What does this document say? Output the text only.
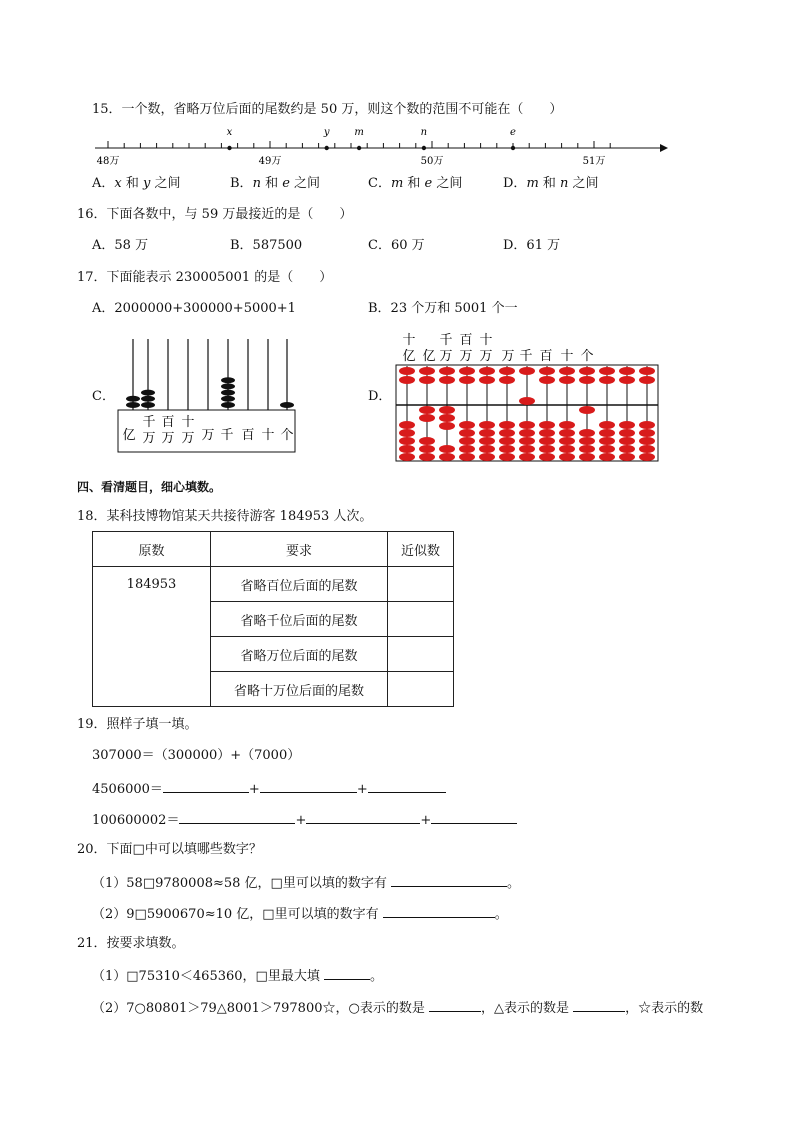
15．一个数，省略万位后面的尾数约是 50 万，则这个数的范围不可能在（　　）
x	y m	n	e
48万	49万	50万	51万
A．x 和 y 之间	B．n 和 e 之间	C．m 和 e 之间	D．m 和 n 之间
16．下面各数中，与 59 万最接近的是（　　）
A．58 万	B．587500	C．60 万	D．61 万
17．下面能表示 230005001 的是（　　）
A．2000000+300000+5000+1	B．23 个万和 5001 个一
C．	D．
亿
千
万
百
万
十
万 万 千 百 十 个
十
亿 亿
千
万
百
万
十
万 万 千 百 十 个
四、看清题目，细心填数。
18．某科技博物馆某天共接待游客 184953 人次。
原数	要求	近似数
184953	省略百位后面的尾数	
	省略千位后面的尾数	
	省略万位后面的尾数	
	省略十万位后面的尾数	
19．照样子填一填。
307000＝（300000）+（7000）
4506000＝	+	+
100600002＝	+	+
20．下面□中可以填哪些数字？
（1）58□9780008≈58 亿，□里可以填的数字有	。
（2）9□5900670≈10 亿，□里可以填的数字有	。
21．按要求填数。
（1）□75310＜465360，□里最大填	。
（2）7○80801＞79△8001＞797800☆，○表示的数是	，△表示的数是	，☆表示的数
